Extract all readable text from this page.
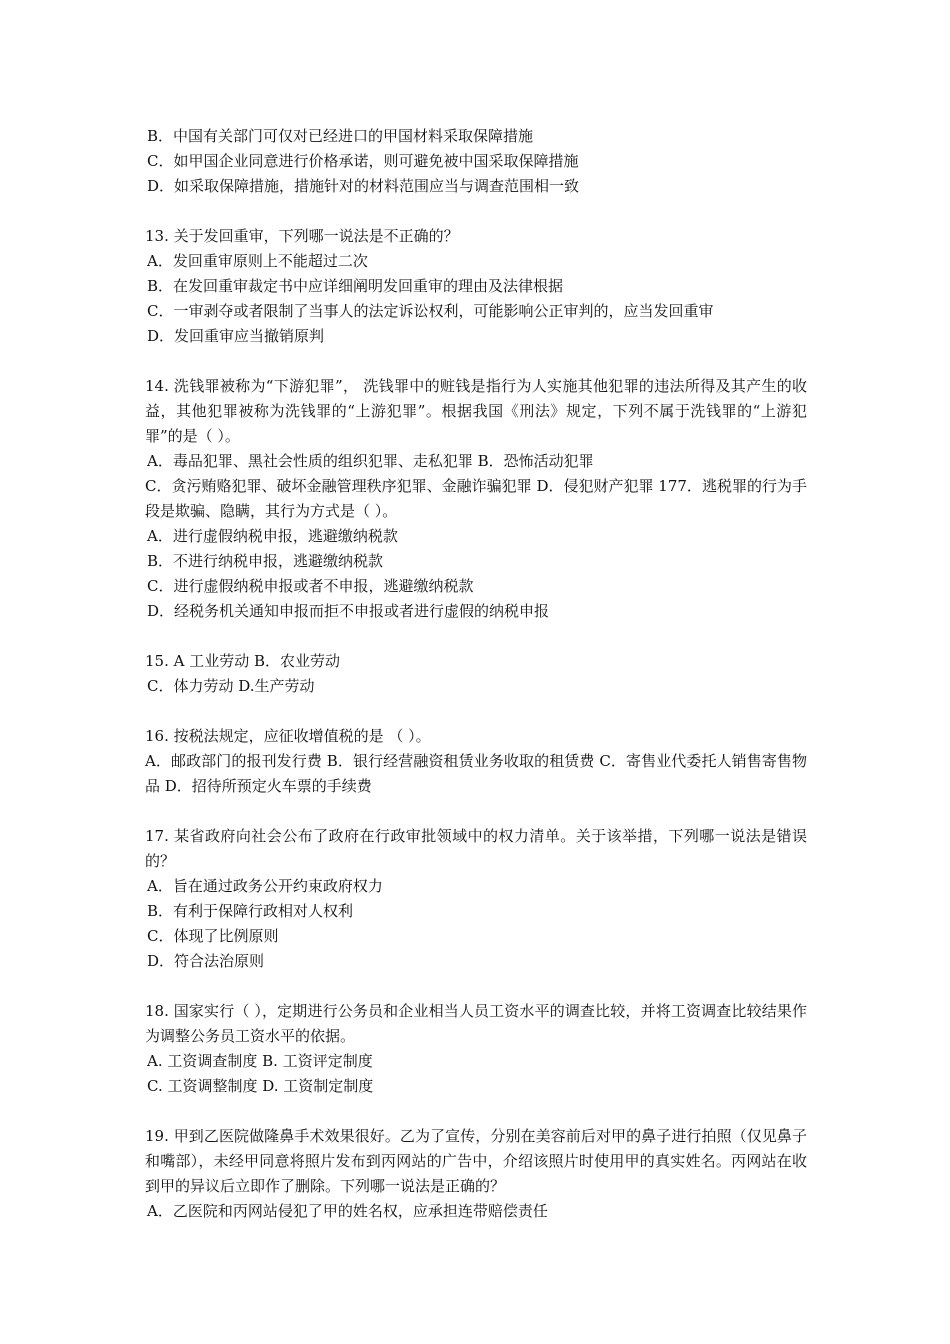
B．中国有关部门可仅对已经进口的甲国材料采取保障措施
C．如甲国企业同意进行价格承诺，则可避免被中国采取保障措施
D．如采取保障措施，措施针对的材料范围应当与调查范围相一致
13. 关于发回重审，下列哪一说法是不正确的？
A．发回重审原则上不能超过二次
B．在发回重审裁定书中应详细阐明发回重审的理由及法律根据
C．一审剥夺或者限制了当事人的法定诉讼权利，可能影响公正审判的，应当发回重审
D．发回重审应当撤销原判
14. 洗钱罪被称为“下游犯罪”， 洗钱罪中的赃钱是指行为人实施其他犯罪的违法所得及其产生的收益，其他犯罪被称为洗钱罪的“上游犯罪”。根据我国《刑法》规定，下列不属于洗钱罪的“上游犯罪”的是（ ）。
A．毒品犯罪、黑社会性质的组织犯罪、走私犯罪 B．恐怖活动犯罪
C．贪污贿赂犯罪、破坏金融管理秩序犯罪、金融诈骗犯罪 D．侵犯财产犯罪 177．逃税罪的行为手段是欺骗、隐瞒，其行为方式是（ ）。
A．进行虚假纳税申报，逃避缴纳税款
B．不进行纳税申报，逃避缴纳税款
C．进行虚假纳税申报或者不申报，逃避缴纳税款
D．经税务机关通知申报而拒不申报或者进行虚假的纳税申报
15. A 工业劳动 B．农业劳动
C．体力劳动 D.生产劳动
16. 按税法规定，应征收增值税的是 （ ）。
A．邮政部门的报刊发行费 B．银行经营融资租赁业务收取的租赁费 C．寄售业代委托人销售寄售物品 D．招待所预定火车票的手续费
17. 某省政府向社会公布了政府在行政审批领域中的权力清单。关于该举措，下列哪一说法是错误的？
A．旨在通过政务公开约束政府权力
B．有利于保障行政相对人权利
C．体现了比例原则
D．符合法治原则
18. 国家实行（ ），定期进行公务员和企业相当人员工资水平的调查比较，并将工资调查比较结果作为调整公务员工资水平的依据。
A. 工资调查制度 B. 工资评定制度
C. 工资调整制度 D. 工资制定制度
19. 甲到乙医院做隆鼻手术效果很好。乙为了宣传，分别在美容前后对甲的鼻子进行拍照（仅见鼻子和嘴部），未经甲同意将照片发布到丙网站的广告中，介绍该照片时使用甲的真实姓名。丙网站在收到甲的异议后立即作了删除。下列哪一说法是正确的？
A．乙医院和丙网站侵犯了甲的姓名权，应承担连带赔偿责任
